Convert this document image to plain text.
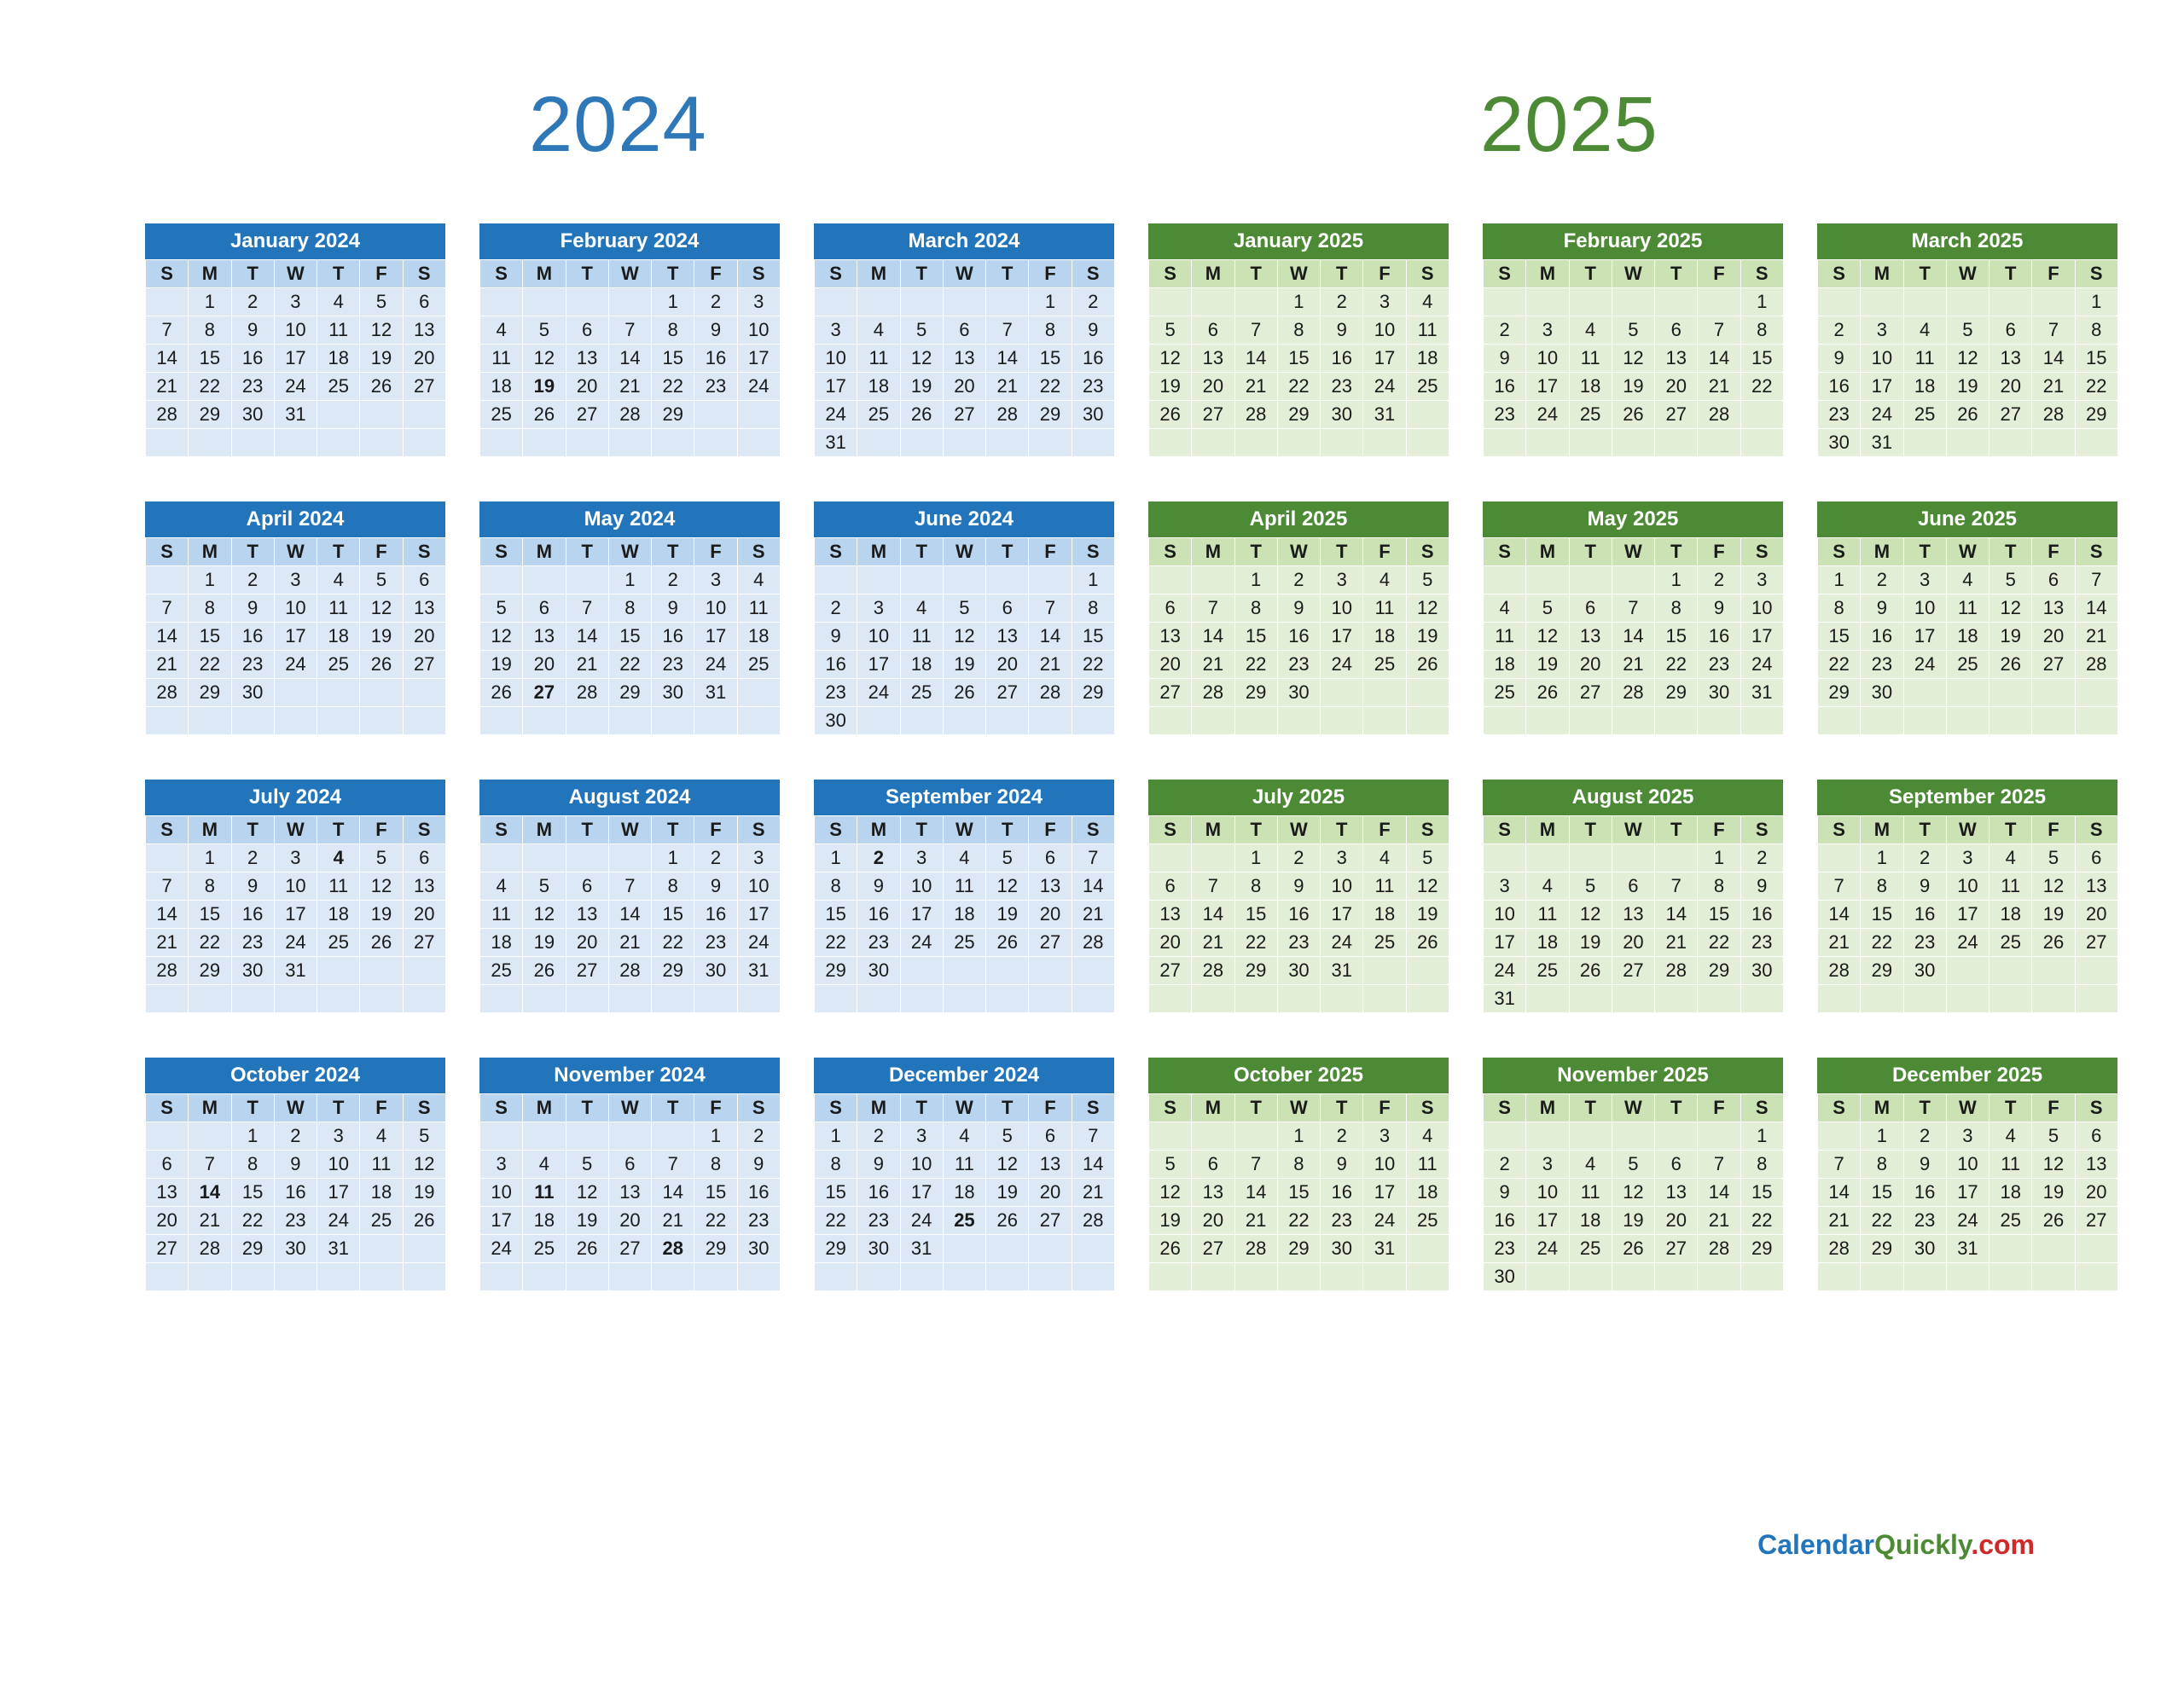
2024	2025
January 2024
S	M	T	W	T	F	S
	1	2	3	4	5	6
7	8	9	10	11	12	13
14	15	16	17	18	19	20
21	22	23	24	25	26	27
28	29	30	31			

February 2024
S	M	T	W	T	F	S
				1	2	3
4	5	6	7	8	9	10
11	12	13	14	15	16	17
18	19	20	21	22	23	24
25	26	27	28	29		

March 2024
S	M	T	W	T	F	S
					1	2
3	4	5	6	7	8	9
10	11	12	13	14	15	16
17	18	19	20	21	22	23
24	25	26	27	28	29	30
31						
January 2025
S	M	T	W	T	F	S
			1	2	3	4
5	6	7	8	9	10	11
12	13	14	15	16	17	18
19	20	21	22	23	24	25
26	27	28	29	30	31	

February 2025
S	M	T	W	T	F	S
						1
2	3	4	5	6	7	8
9	10	11	12	13	14	15
16	17	18	19	20	21	22
23	24	25	26	27	28	

March 2025
S	M	T	W	T	F	S
						1
2	3	4	5	6	7	8
9	10	11	12	13	14	15
16	17	18	19	20	21	22
23	24	25	26	27	28	29
30	31					
April 2024
S	M	T	W	T	F	S
	1	2	3	4	5	6
7	8	9	10	11	12	13
14	15	16	17	18	19	20
21	22	23	24	25	26	27
28	29	30				

May 2024
S	M	T	W	T	F	S
			1	2	3	4
5	6	7	8	9	10	11
12	13	14	15	16	17	18
19	20	21	22	23	24	25
26	27	28	29	30	31	

June 2024
S	M	T	W	T	F	S
						1
2	3	4	5	6	7	8
9	10	11	12	13	14	15
16	17	18	19	20	21	22
23	24	25	26	27	28	29
30						
April 2025
S	M	T	W	T	F	S
		1	2	3	4	5
6	7	8	9	10	11	12
13	14	15	16	17	18	19
20	21	22	23	24	25	26
27	28	29	30			

May 2025
S	M	T	W	T	F	S
				1	2	3
4	5	6	7	8	9	10
11	12	13	14	15	16	17
18	19	20	21	22	23	24
25	26	27	28	29	30	31

June 2025
S	M	T	W	T	F	S
1	2	3	4	5	6	7
8	9	10	11	12	13	14
15	16	17	18	19	20	21
22	23	24	25	26	27	28
29	30					

July 2024
S	M	T	W	T	F	S
	1	2	3	4	5	6
7	8	9	10	11	12	13
14	15	16	17	18	19	20
21	22	23	24	25	26	27
28	29	30	31			

August 2024
S	M	T	W	T	F	S
				1	2	3
4	5	6	7	8	9	10
11	12	13	14	15	16	17
18	19	20	21	22	23	24
25	26	27	28	29	30	31

September 2024
S	M	T	W	T	F	S
1	2	3	4	5	6	7
8	9	10	11	12	13	14
15	16	17	18	19	20	21
22	23	24	25	26	27	28
29	30					

July 2025
S	M	T	W	T	F	S
		1	2	3	4	5
6	7	8	9	10	11	12
13	14	15	16	17	18	19
20	21	22	23	24	25	26
27	28	29	30	31		

August 2025
S	M	T	W	T	F	S
					1	2
3	4	5	6	7	8	9
10	11	12	13	14	15	16
17	18	19	20	21	22	23
24	25	26	27	28	29	30
31						
September 2025
S	M	T	W	T	F	S
	1	2	3	4	5	6
7	8	9	10	11	12	13
14	15	16	17	18	19	20
21	22	23	24	25	26	27
28	29	30				

October 2024
S	M	T	W	T	F	S
		1	2	3	4	5
6	7	8	9	10	11	12
13	14	15	16	17	18	19
20	21	22	23	24	25	26
27	28	29	30	31		

November 2024
S	M	T	W	T	F	S
					1	2
3	4	5	6	7	8	9
10	11	12	13	14	15	16
17	18	19	20	21	22	23
24	25	26	27	28	29	30

December 2024
S	M	T	W	T	F	S
1	2	3	4	5	6	7
8	9	10	11	12	13	14
15	16	17	18	19	20	21
22	23	24	25	26	27	28
29	30	31				

October 2025
S	M	T	W	T	F	S
			1	2	3	4
5	6	7	8	9	10	11
12	13	14	15	16	17	18
19	20	21	22	23	24	25
26	27	28	29	30	31	

November 2025
S	M	T	W	T	F	S
						1
2	3	4	5	6	7	8
9	10	11	12	13	14	15
16	17	18	19	20	21	22
23	24	25	26	27	28	29
30						
December 2025
S	M	T	W	T	F	S
	1	2	3	4	5	6
7	8	9	10	11	12	13
14	15	16	17	18	19	20
21	22	23	24	25	26	27
28	29	30	31			

CalendarQuickly.com
